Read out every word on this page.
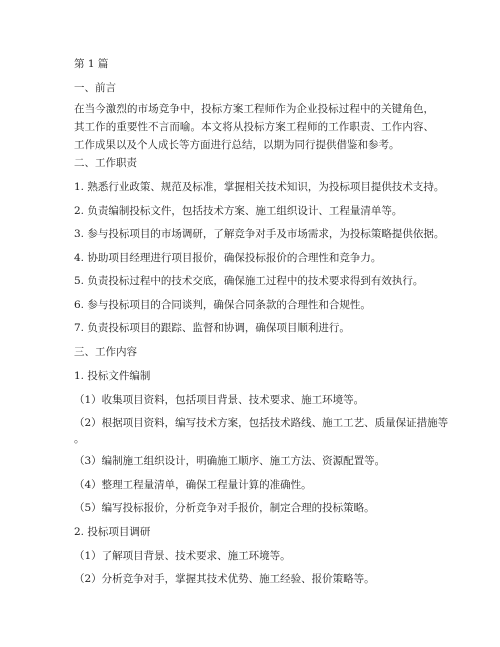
第 1 篇
一、前言
在当今激烈的市场竞争中，投标方案工程师作为企业投标过程中的关键角色，其工作的重要性不言而喻。本文将从投标方案工程师的工作职责、工作内容、工作成果以及个人成长等方面进行总结，以期为同行提供借鉴和参考。
二、工作职责
1. 熟悉行业政策、规范及标准，掌握相关技术知识，为投标项目提供技术支持。
2. 负责编制投标文件，包括技术方案、施工组织设计、工程量清单等。
3. 参与投标项目的市场调研，了解竞争对手及市场需求，为投标策略提供依据。
4. 协助项目经理进行项目报价，确保投标报价的合理性和竞争力。
5. 负责投标过程中的技术交底，确保施工过程中的技术要求得到有效执行。
6. 参与投标项目的合同谈判，确保合同条款的合理性和合规性。
7. 负责投标项目的跟踪、监督和协调，确保项目顺利进行。
三、工作内容
1. 投标文件编制
（1）收集项目资料，包括项目背景、技术要求、施工环境等。
（2）根据项目资料，编写技术方案，包括技术路线、施工工艺、质量保证措施等
。
（3）编制施工组织设计，明确施工顺序、施工方法、资源配置等。
（4）整理工程量清单，确保工程量计算的准确性。
（5）编写投标报价，分析竞争对手报价，制定合理的投标策略。
2. 投标项目调研
（1）了解项目背景、技术要求、施工环境等。
（2）分析竞争对手，掌握其技术优势、施工经验、报价策略等。
